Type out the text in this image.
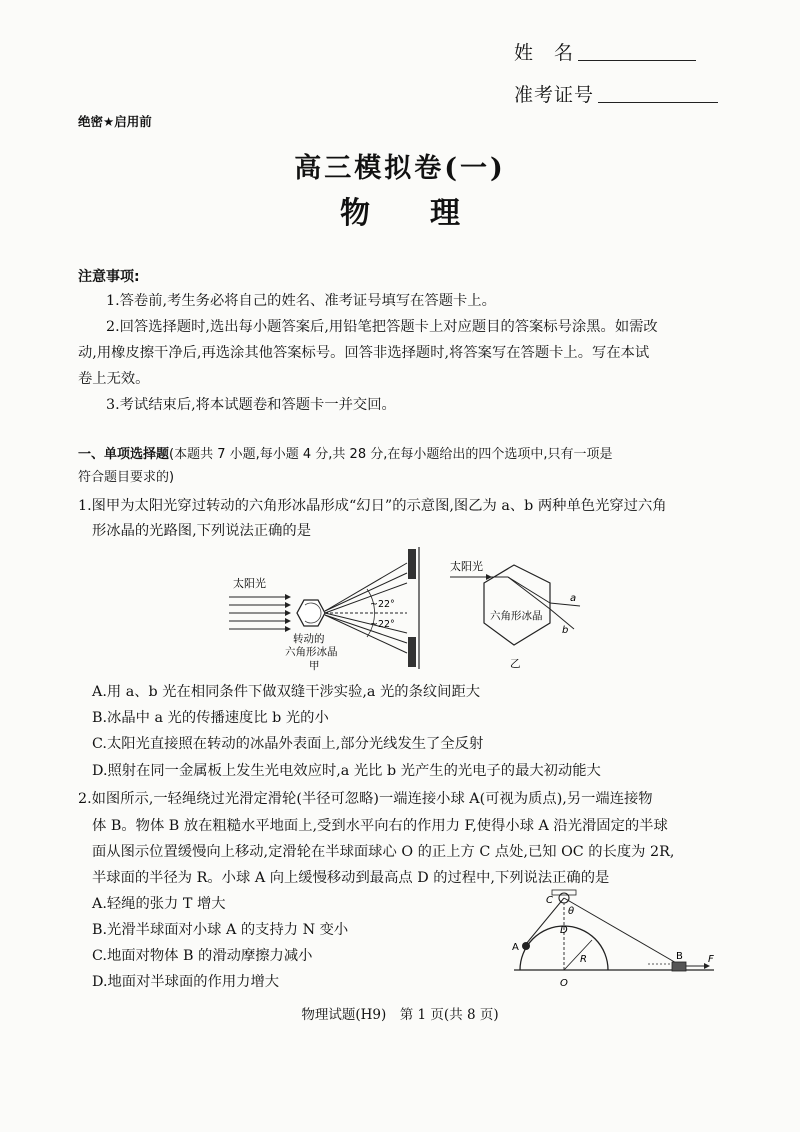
姓　名
准考证号
绝密★启用前
高三模拟卷(一)
物　　理
注意事项:
1.答卷前,考生务必将自己的姓名、准考证号填写在答题卡上。
2.回答选择题时,选出每小题答案后,用铅笔把答题卡上对应题目的答案标号涂黑。如需改
动,用橡皮擦干净后,再选涂其他答案标号。回答非选择题时,将答案写在答题卡上。写在本试
卷上无效。
3.考试结束后,将本试题卷和答题卡一并交回。
一、单项选择题(本题共 7 小题,每小题 4 分,共 28 分,在每小题给出的四个选项中,只有一项是
符合题目要求的)
1.图甲为太阳光穿过转动的六角形冰晶形成“幻日”的示意图,图乙为 a、b 两种单色光穿过六角
形冰晶的光路图,下列说法正确的是
太阳光
~22°
~22°
转动的
六角形冰晶
甲
太阳光
a
b
六角形冰晶
乙
A.用 a、b 光在相同条件下做双缝干涉实验,a 光的条纹间距大
B.冰晶中 a 光的传播速度比 b 光的小
C.太阳光直接照在转动的冰晶外表面上,部分光线发生了全反射
D.照射在同一金属板上发生光电效应时,a 光比 b 光产生的光电子的最大初动能大
2.如图所示,一轻绳绕过光滑定滑轮(半径可忽略)一端连接小球 A(可视为质点),另一端连接物
体 B。物体 B 放在粗糙水平地面上,受到水平向右的作用力 F,使得小球 A 沿光滑固定的半球
面从图示位置缓慢向上移动,定滑轮在半球面球心 O 的正上方 C 点处,已知 OC 的长度为 2R,
半球面的半径为 R。小球 A 向上缓慢移动到最高点 D 的过程中,下列说法正确的是
A.轻绳的张力 T 增大
B.光滑半球面对小球 A 的支持力 N 变小
C.地面对物体 B 的滑动摩擦力减小
D.地面对半球面的作用力增大
C
θ
D
A
R
O
B	F
物理试题(H9)　第 1 页(共 8 页)
